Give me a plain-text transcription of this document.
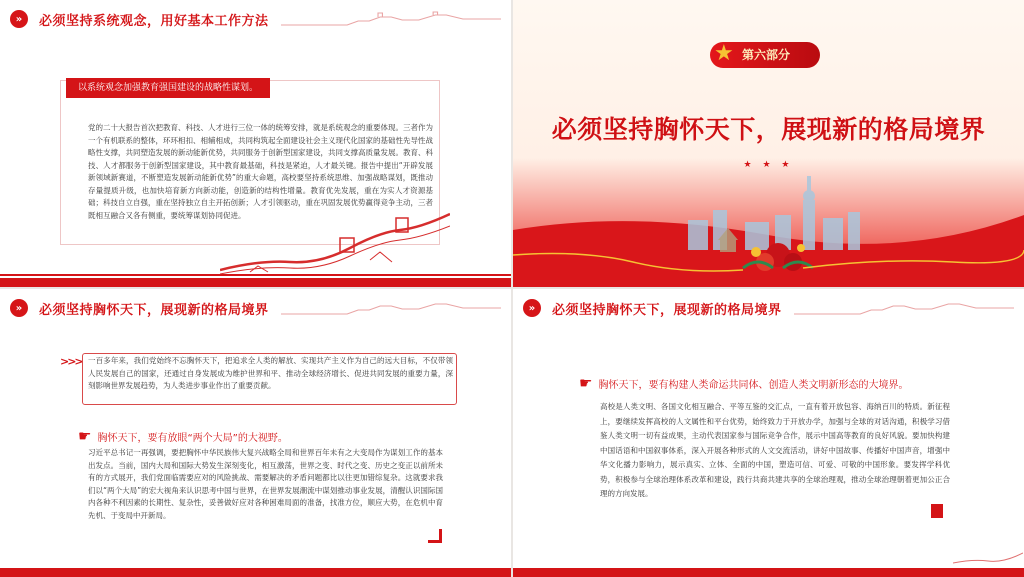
»	必须坚持系统观念，用好基本工作方法
以系统观念加强教育强国建设的战略性谋划。
党的二十大报告首次把教育、科技、人才进行三位一体的统筹安排，就是系统观念的重要体现。三者作为一个有机联系的整体，环环相扣、相辅相成，共同构筑起全面建设社会主义现代化国家的基础性先导性战略性支撑，共同塑造发展的新动能新优势，共同服务于创新型国家建设，共同支撑高质量发展。教育、科技、人才都服务于创新型国家建设，其中教育最基础，科技是紧迫，人才最关键。报告中提出“开辟发展新领域新赛道，不断塑造发展新动能新优势”的重大命题，高校要坚持系统思维、加强战略谋划，既推动存量提质升级，也加快培育新方向新动能，创造新的结构性增量。教育优先发展，重在为实人才资源基础；科技自立自强，重在坚持独立自主开拓创新；人才引领驱动，重在巩固发展优势赢得竞争主动，三者既相互融合又各有侧重，要统筹谋划协同促进。
第六部分
★
必须坚持胸怀天下，展现新的格局境界
★ ★ ★
»	必须坚持胸怀天下，展现新的格局境界
>>> 一百多年来，我们党始终不忘胸怀天下，把追求全人类的解放、实现共产主义作为自己的远大目标，不仅带领人民发展自己的国家，还通过自身发展成为维护世界和平、推动全球经济增长、促进共同发展的重要力量，深刻影响世界发展趋势，为人类进步事业作出了重要贡献。
☛ 胸怀天下，要有放眼“两个大局”的大视野。
习近平总书记一再强调，要把胸怀中华民族伟大复兴战略全局和世界百年未有之大变局作为谋划工作的基本出发点。当前，国内大局和国际大势发生深刻变化，相互激荡，世界之变、时代之变、历史之变正以前所未有的方式展开，我们党面临需要应对的风险挑战、需要解决的矛盾问题都比以往更加错综复杂。这就要求我们以“两个大局”的宏大视角来认识思考中国与世界，在世界发展潮流中谋划推动事业发展，清醒认识国际国内各种不利因素的长期性、复杂性，妥善做好应对各种困难局面的准备，找准方位，顺应大势，在危机中育先机、于变局中开新局。
»	必须坚持胸怀天下，展现新的格局境界
☛ 胸怀天下，要有构建人类命运共同体、创造人类文明新形态的大境界。
高校是人类文明、各国文化相互融合、平等互鉴的交汇点，一直有着开放包容、海纳百川的特质。新征程上，要继续发挥高校的人文属性和平台优势，始终致力于开放办学，加强与全球的对话沟通，积极学习借鉴人类文明一切有益成果，主动代表国家参与国际竞争合作，展示中国高等教育的良好风貌。要加快构建中国话语和中国叙事体系，深入开展各种形式的人文交流活动，讲好中国故事、传播好中国声音，增强中华文化播力影响力，展示真实、立体、全面的中国，塑造可信、可爱、可敬的中国形象。要发挥学科优势，积极参与全球治理体系改革和建设，践行共商共建共享的全球治理观，推动全球治理朝着更加公正合理的方向发展。
